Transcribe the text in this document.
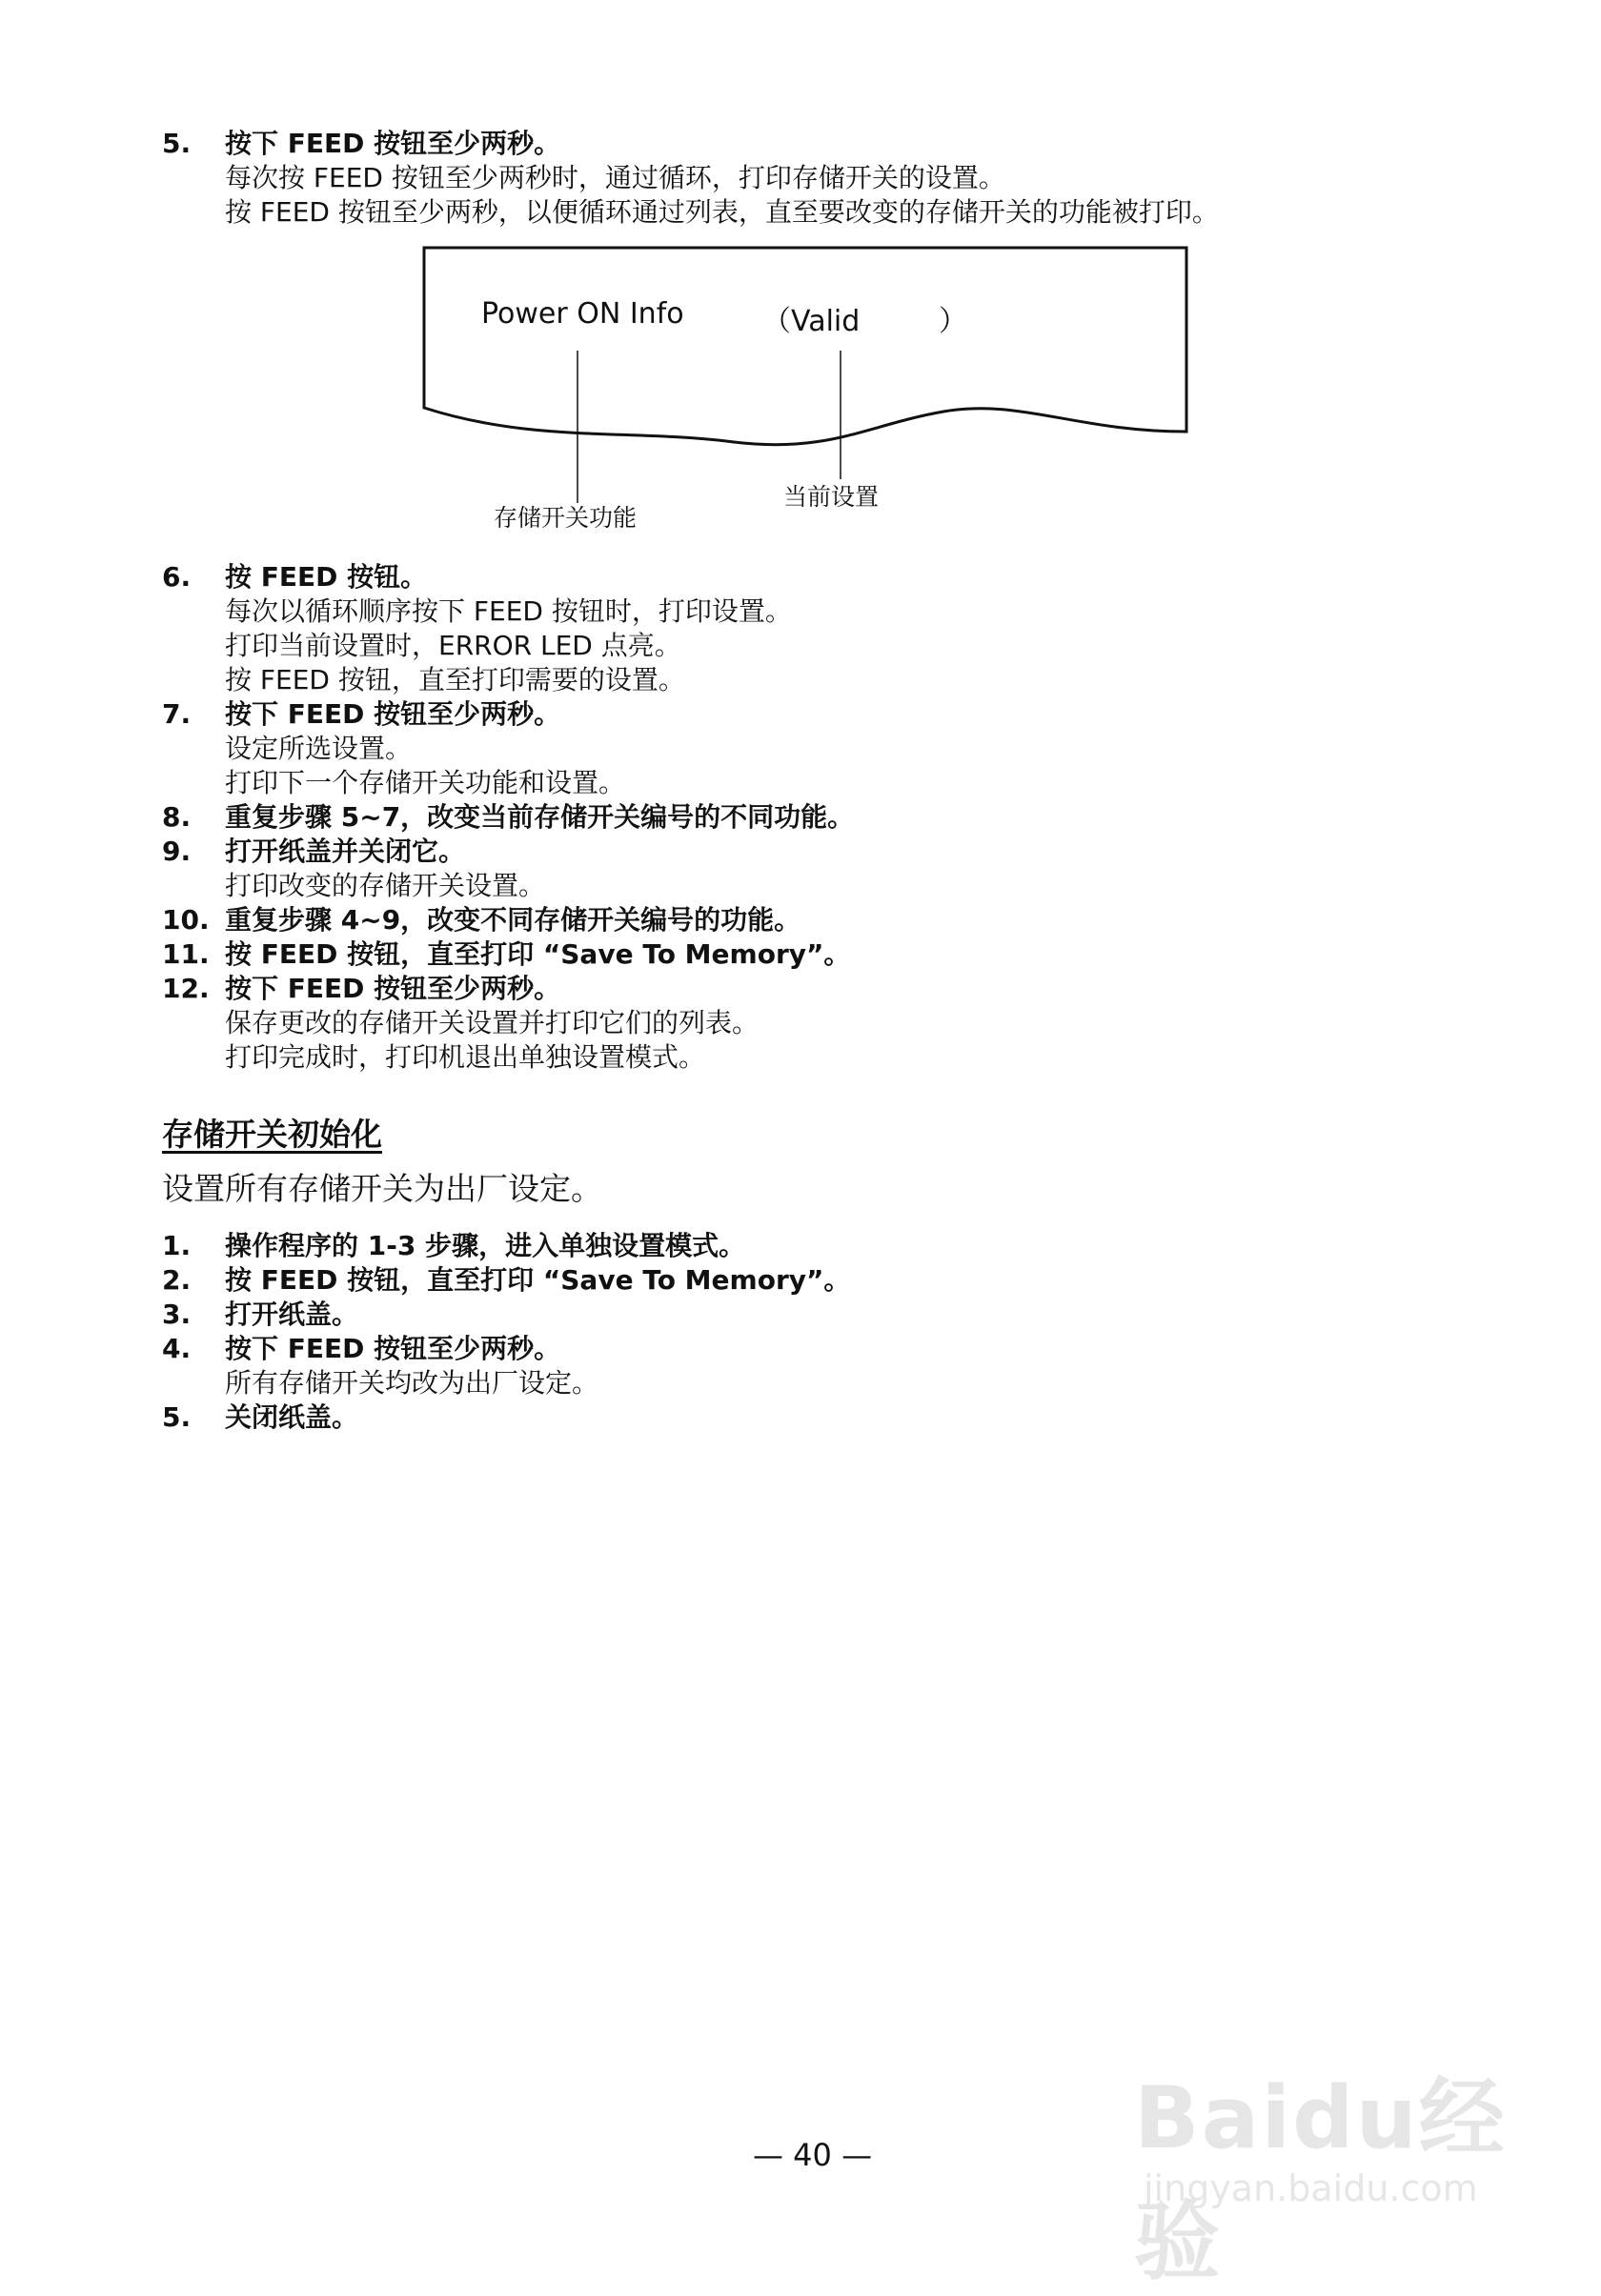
5. 按下 FEED 按钮至少两秒。
每次按 FEED 按钮至少两秒时，通过循环，打印存储开关的设置。
按 FEED 按钮至少两秒，以便循环通过列表，直至要改变的存储开关的功能被打印。
Power ON Info	（Valid	）
存储开关功能
当前设置
6. 按 FEED 按钮。
每次以循环顺序按下 FEED 按钮时，打印设置。
打印当前设置时，ERROR LED 点亮。
按 FEED 按钮，直至打印需要的设置。
7. 按下 FEED 按钮至少两秒。
设定所选设置。
打印下一个存储开关功能和设置。
8. 重复步骤 5~7，改变当前存储开关编号的不同功能。
9. 打开纸盖并关闭它。
打印改变的存储开关设置。
10. 重复步骤 4~9，改变不同存储开关编号的功能。
11. 按 FEED 按钮，直至打印 “Save To Memory”。
12. 按下 FEED 按钮至少两秒。
保存更改的存储开关设置并打印它们的列表。
打印完成时，打印机退出单独设置模式。
存储开关初始化
设置所有存储开关为出厂设定。
1. 操作程序的 1-3 步骤，进入单独设置模式。
2. 按 FEED 按钮，直至打印 “Save To Memory”。
3. 打开纸盖。
4. 按下 FEED 按钮至少两秒。
所有存储开关均改为出厂设定。
5. 关闭纸盖。
— 40 —	Baidu经验
jingyan.baidu.com
